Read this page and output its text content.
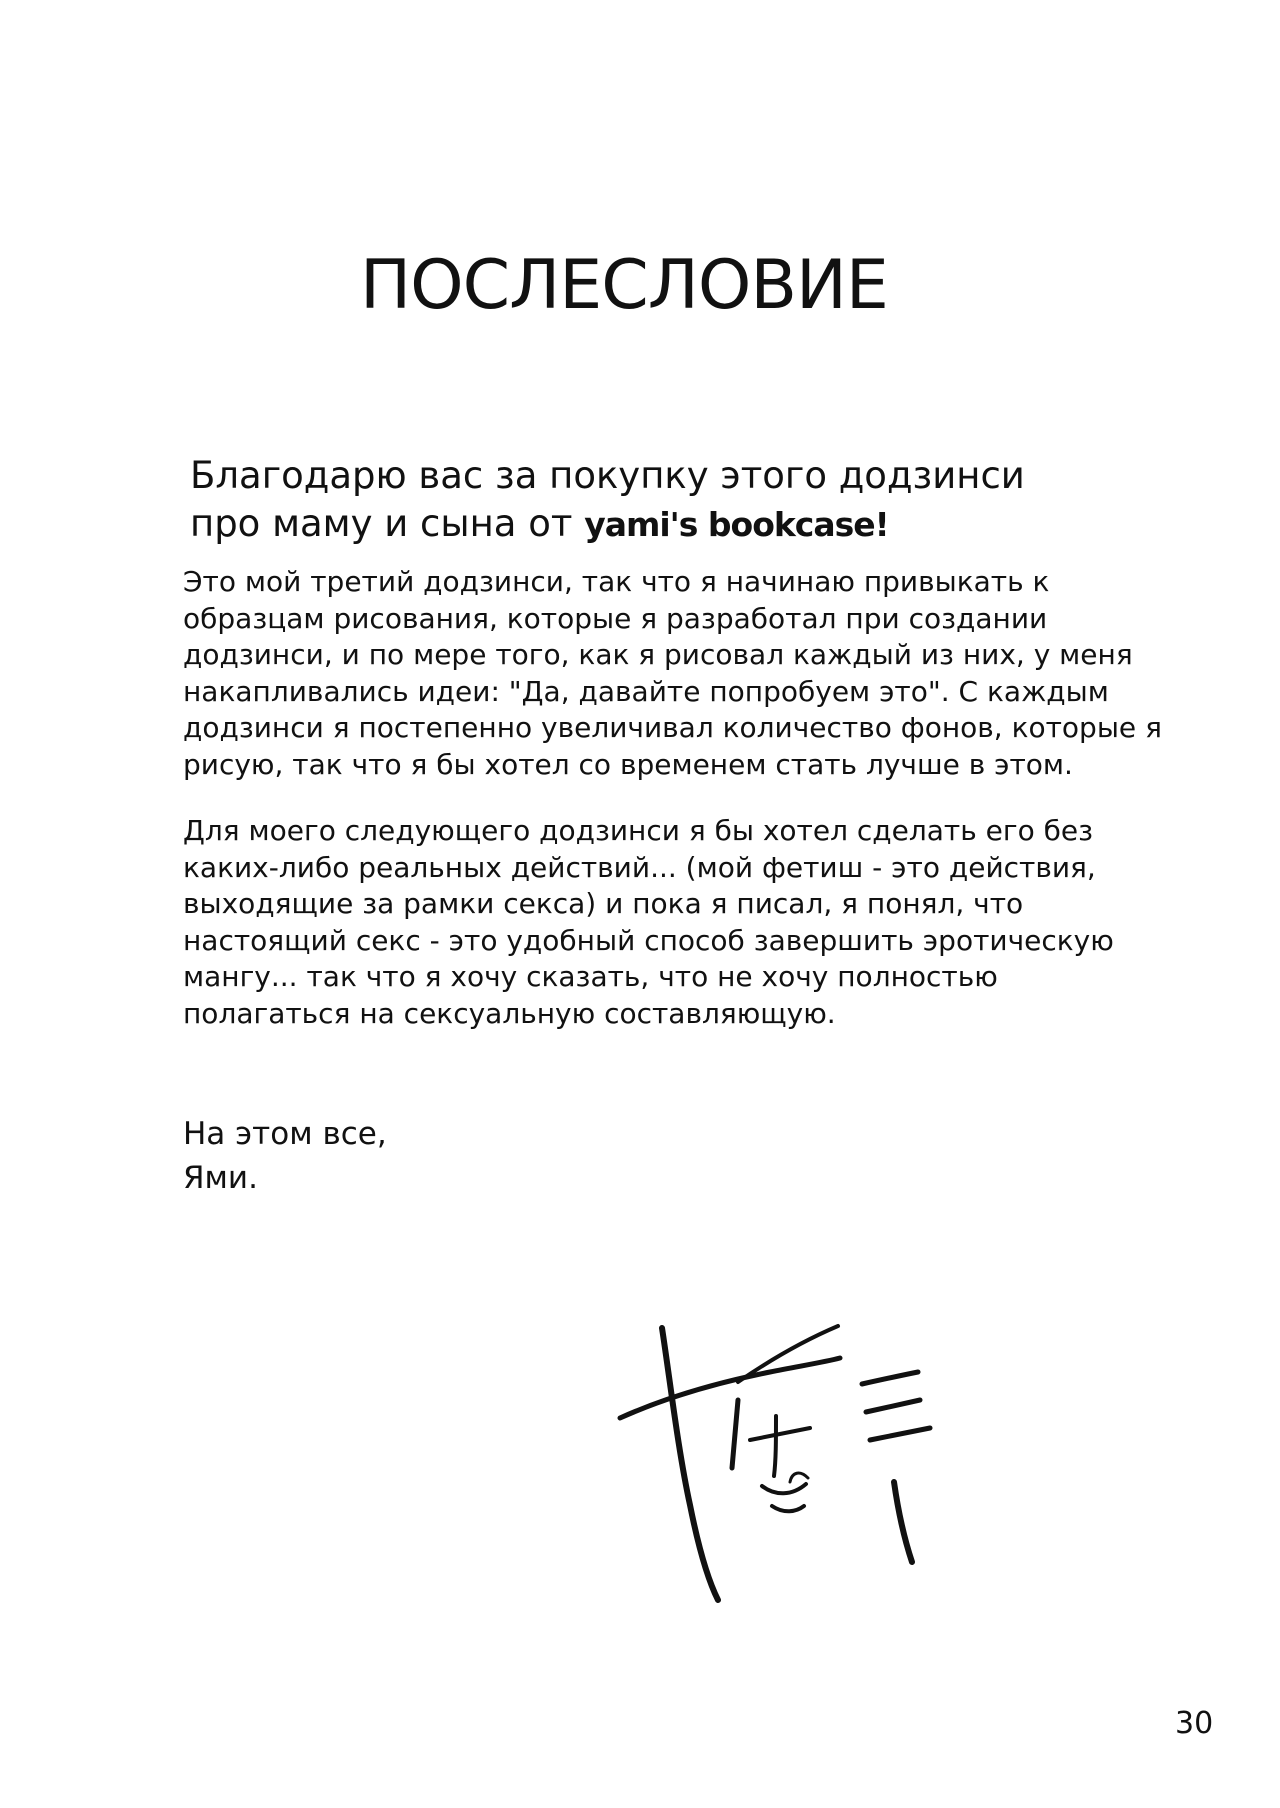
ПОСЛЕСЛОВИЕ

Благодарю вас за покупку этого додзинси
про маму и сына от yami's bookcase!

Это мой третий додзинси, так что я начинаю привыкать к образцам рисования, которые я разработал при создании додзинси, и по мере того, как я рисовал каждый из них, у меня накапливались идеи: "Да, давайте попробуем это". С каждым додзинси я постепенно увеличивал количество фонов, которые я рисую, так что я бы хотел со временем стать лучше в этом.

Для моего следующего додзинси я бы хотел сделать его без каких-либо реальных действий... (мой фетиш - это действия, выходящие за рамки секса) и пока я писал, я понял, что настоящий секс - это удобный способ завершить эротическую мангу... так что я хочу сказать, что не хочу полностью полагаться на сексуальную составляющую.

На этом все,
Ями.

30
